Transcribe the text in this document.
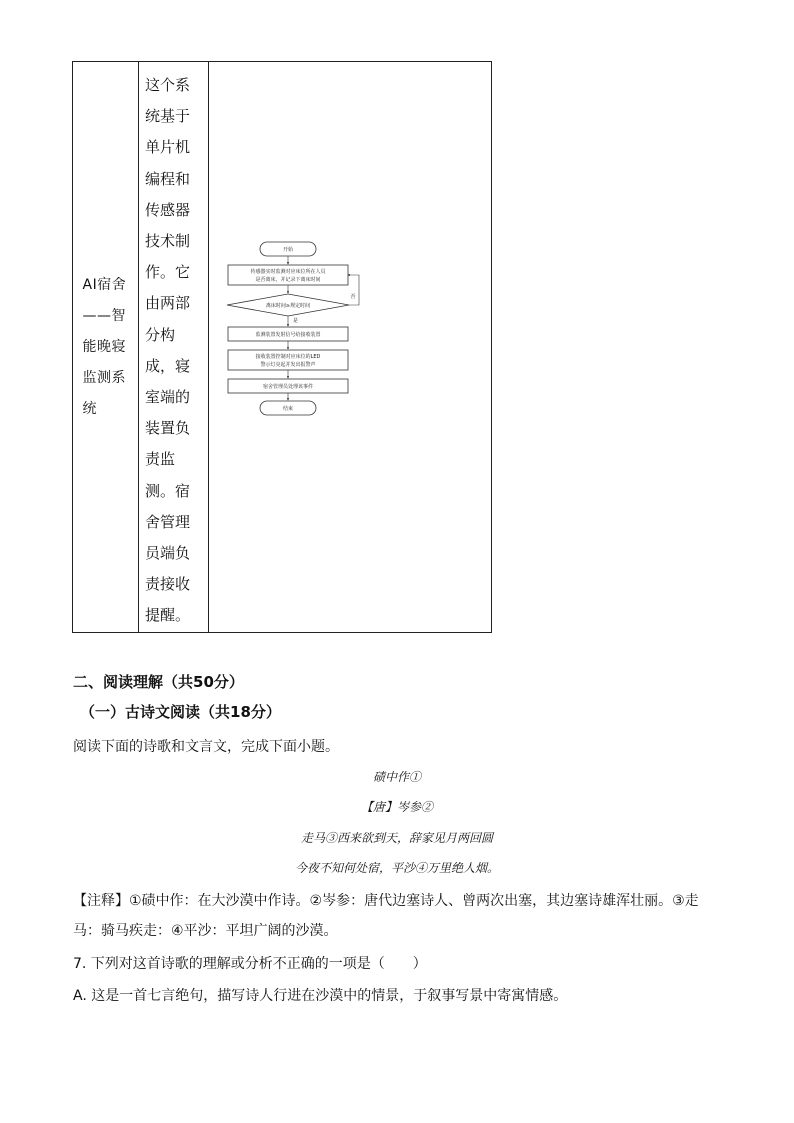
AI宿舍——智能晚寝监测系统
这个系统基于单片机编程和传感器技术制作。它由两部分构成，寝室端的装置负责监测。宿舍管理员端负责接收提醒。
开始
传感器实时监测对应床位所在人员
是否离床，并记录下离床时间
离床时间≥规定时间
否
是
监测装置发射信号给接收装置
接收装置控制对应床位的LED
警示灯亮起并发出报警声
宿舍管理员处理该事件
结束
二、阅读理解（共50分）
（一）古诗文阅读（共18分）
阅读下面的诗歌和文言文，完成下面小题。
碛中作①
【唐】岑参②
走马③西来欲到天，辞家见月两回圆
今夜不知何处宿，平沙④万里绝人烟。
【注释】①碛中作：在大沙漠中作诗。②岑参：唐代边塞诗人、曾两次出塞，其边塞诗雄浑壮丽。③走
马：骑马疾走：④平沙：平坦广阔的沙漠。
7. 下列对这首诗歌的理解或分析不正确的一项是（　　）
A. 这是一首七言绝句，描写诗人行进在沙漠中的情景，于叙事写景中寄寓情感。
